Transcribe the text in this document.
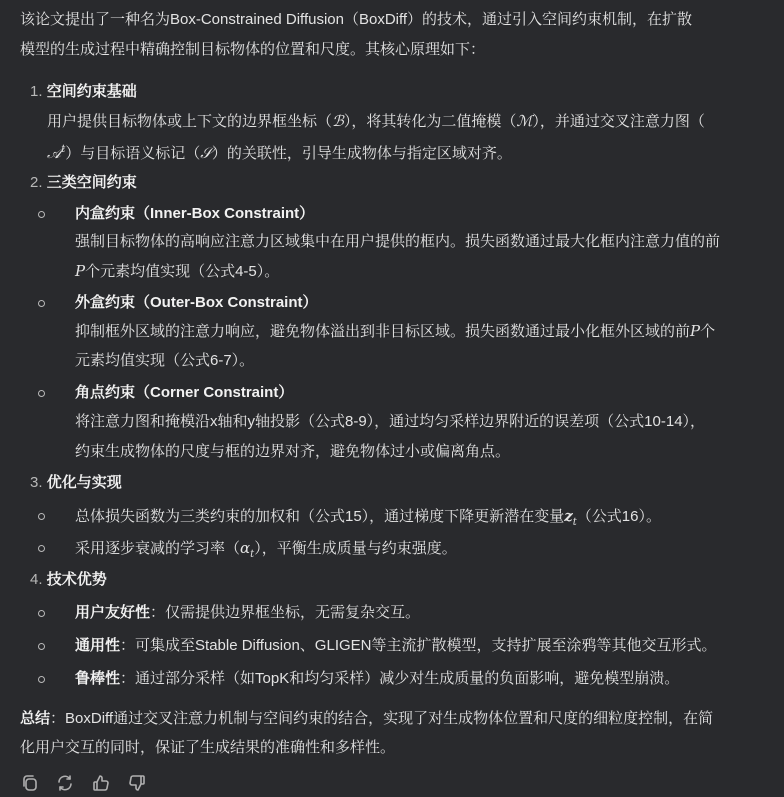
该论文提出了一种名为Box-Constrained Diffusion（BoxDiff）的技术，通过引入空间约束机制，在扩散
模型的生成过程中精确控制目标物体的位置和尺度。其核心原理如下：
1. 空间约束基础
用户提供目标物体或上下文的边界框坐标（ℬ），将其转化为二值掩模（ℳ），并通过交叉注意力图（
𝒜$^t$）与目标语义标记（𝒮）的关联性，引导生成物体与指定区域对齐。
2. 三类空间约束
内盒约束（Inner-Box Constraint）
强制目标物体的高响应注意力区域集中在用户提供的框内。损失函数通过最大化框内注意力值的前
P个元素均值实现（公式4-5）。
外盒约束（Outer-Box Constraint）
抑制框外区域的注意力响应，避免物体溢出到非目标区域。损失函数通过最小化框外区域的前P个
元素均值实现（公式6-7）。
角点约束（Corner Constraint）
将注意力图和掩模沿x轴和y轴投影（公式8-9），通过均匀采样边界附近的误差项（公式10-14），
约束生成物体的尺度与框的边界对齐，避免物体过小或偏离角点。
3. 优化与实现
总体损失函数为三类约束的加权和（公式15），通过梯度下降更新潜在变量$z_t$（公式16）。
采用逐步衰减的学习率$(\alpha_t)$，平衡生成质量与约束强度。
4. 技术优势
用户友好性：仅需提供边界框坐标，无需复杂交互。
通用性：可集成至Stable Diffusion、GLIGEN等主流扩散模型，支持扩展至涂鸦等其他交互形式。
鲁棒性：通过部分采样（如TopK和均匀采样）减少对生成质量的负面影响，避免模型崩溃。
总结：BoxDiff通过交叉注意力机制与空间约束的结合，实现了对生成物体位置和尺度的细粒度控制，在简
化用户交互的同时，保证了生成结果的准确性和多样性。
